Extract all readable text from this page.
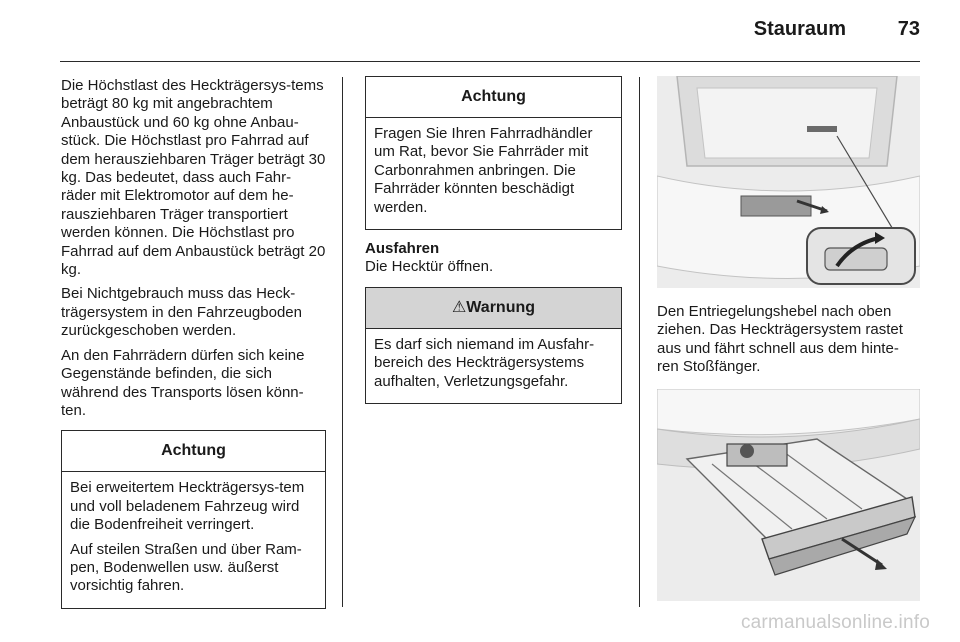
Stauraum	73

Die Höchstlast des Heckträgersys-tems beträgt 80 kg mit angebrachtem Anbaustück und 60 kg ohne Anbau-stück. Die Höchstlast pro Fahrrad auf dem herausziehbaren Träger beträgt 30 kg. Das bedeutet, dass auch Fahr-räder mit Elektromotor auf dem he-rausziehbaren Träger transportiert werden können. Die Höchstlast pro Fahrrad auf dem Anbaustück beträgt 20 kg.

Bei Nichtgebrauch muss das Heck-trägersystem in den Fahrzeugboden zurückgeschoben werden.

An den Fahrrädern dürfen sich keine Gegenstände befinden, die sich während des Transports lösen könn-ten.

Achtung

Bei erweitertem Heckträgersys-tem und voll beladenem Fahrzeug wird die Bodenfreiheit verringert.

Auf steilen Straßen und über Ram-pen, Bodenwellen usw. äußerst vorsichtig fahren.

Achtung

Fragen Sie Ihren Fahrradhändler um Rat, bevor Sie Fahrräder mit Carbonrahmen anbringen. Die Fahrräder könnten beschädigt werden.

Ausfahren

Die Hecktür öffnen.

⚠Warnung

Es darf sich niemand im Ausfahr-bereich des Heckträgersystems aufhalten, Verletzungsgefahr.

Den Entriegelungshebel nach oben ziehen. Das Heckträgersystem rastet aus und fährt schnell aus dem hinte-ren Stoßfänger.

carmanualsonline.info
